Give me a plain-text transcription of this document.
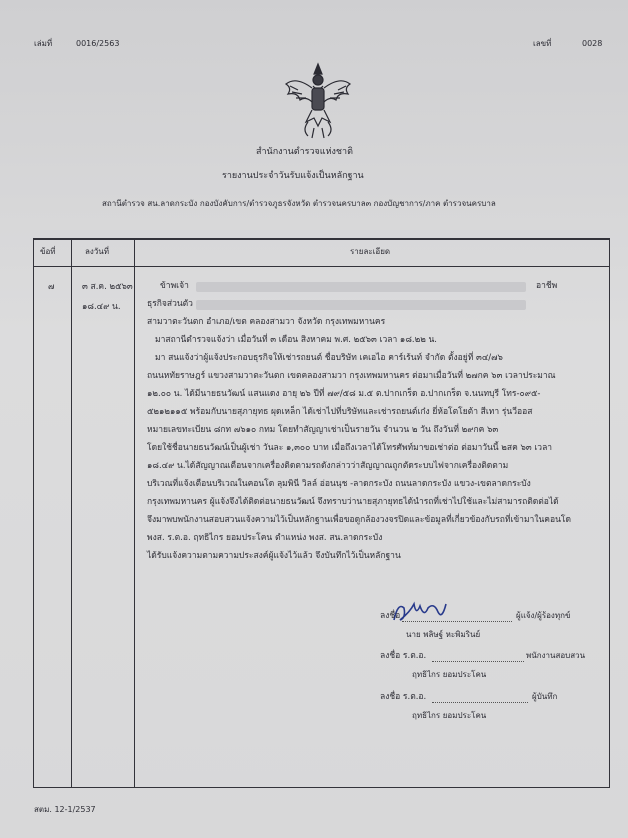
เล่มที่	0016/2563	เลขที่	0028
สำนักงานตำรวจแห่งชาติ
รายงานประจำวันรับแจ้งเป็นหลักฐาน
สถานีตำรวจ สน.ลาดกระบัง กองบังคับการ/ตำรวจภูธรจังหวัด ตำรวจนครบาล๓ กองบัญชาการ/ภาค ตำรวจนครบาล
ข้อที่	ลงวันที่	รายละเอียด
๗	๓ ส.ค. ๒๕๖๓
๑๘.๔๙ น.
ข้าพเจ้า	อาชีพ
ธุรกิจส่วนตัว
สามวาตะวันตก อำเภอ/เขต คลองสามวา จังหวัด กรุงเทพมหานคร
มาสถานีตำรวจแจ้งว่า เมื่อวันที่ ๓ เดือน สิงหาคม พ.ศ. ๒๕๖๓ เวลา ๑๘.๒๒ น.
มา สนแจ้งว่าผู้แจ้งประกอบธุรกิจให้เช่ารถยนต์ ชื่อบริษัท เคเอไอ คาร์เร้นท์ จำกัด ตั้งอยู่ที่ ๓๔/๗๖
ถนนหทัยราษฎร์ แขวงสามวาตะวันตก เขตคลองสามวา กรุงเทพมหานคร ต่อมาเมื่อวันที่ ๒๗กค ๖๓ เวลาประมาณ
๑๒.๐๐ น. ได้มีนายธนวัฒน์ แสนแดง อายุ ๒๖ ปีที่ ๗๙/๕๘ ม.๕ ต.ปากเกร็ด อ.ปากเกร็ด จ.นนทบุรี โทร-๐๙๕-
๕๒๑๒๑๑๕ พร้อมกับนายสุภายุทธ ผุดเหล็ก ได้เช่าไปที่บริษัทและเช่ารถยนต์เก๋ง ยี่ห้อโตโยต้า สีเทา รุ่นวีออส
หมายเลขทะเบียน ๘กท ๗๖๑๐ กทม โดยทำสัญญาเช่าเป็นรายวัน จำนวน ๒ วัน ถึงวันที่ ๒๙กค ๖๓
โดยใช้ชื่อนายธนวัฒน์เป็นผู้เช่า วันละ ๑,๓๐๐ บาท เมื่อถึงเวลาได้โทรศัพท์มาขอเช่าต่อ ต่อมาวันนี้ ๒สค ๖๓ เวลา
๑๘.๔๙ น.ได้สัญญาณเตือนจากเครื่องติดตามรถดังกล่าวว่าสัญญาณถูกตัดระบบไฟจากเครื่องติดตาม
บริเวณที่แจ้งเตือนบริเวณในคอนโด ลุมพินี วิลล์ อ่อนนุช -ลาดกระบัง ถนนลาดกระบัง แขวง-เขตลาดกระบัง
กรุงเทพมหานคร ผู้แจ้งจึงได้ติดต่อนายธนวัฒน์ จึงทราบว่านายสุภายุทธได้นำรถที่เช่าไปใช้และไม่สามารถติดต่อได้
จึงมาพบพนักงานสอบสวนแจ้งความไว้เป็นหลักฐานเพื่อขอดูกล้องวงจรปิดและข้อมูลที่เกี่ยวข้องกับรถที่เข้ามาในคอนโด
พงส. ร.ต.อ. ฤทธิไกร ยอมประโคน ตำแหน่ง พงส. สน.ลาดกระบัง
ได้รับแจ้งความตามความประสงค์ผู้แจ้งไว้แล้ว จึงบันทึกไว้เป็นหลักฐาน
ลงชื่อ	ผู้แจ้ง/ผู้ร้องทุกข์
นาย พลิษฐ์ หะพิมรินย์
ลงชื่อ ร.ต.อ.	พนักงานสอบสวน
ฤทธิไกร ยอมประโคน
ลงชื่อ ร.ต.อ.	ผู้บันทึก
ฤทธิไกร ยอมประโคน
สตม. 12-1/2537
